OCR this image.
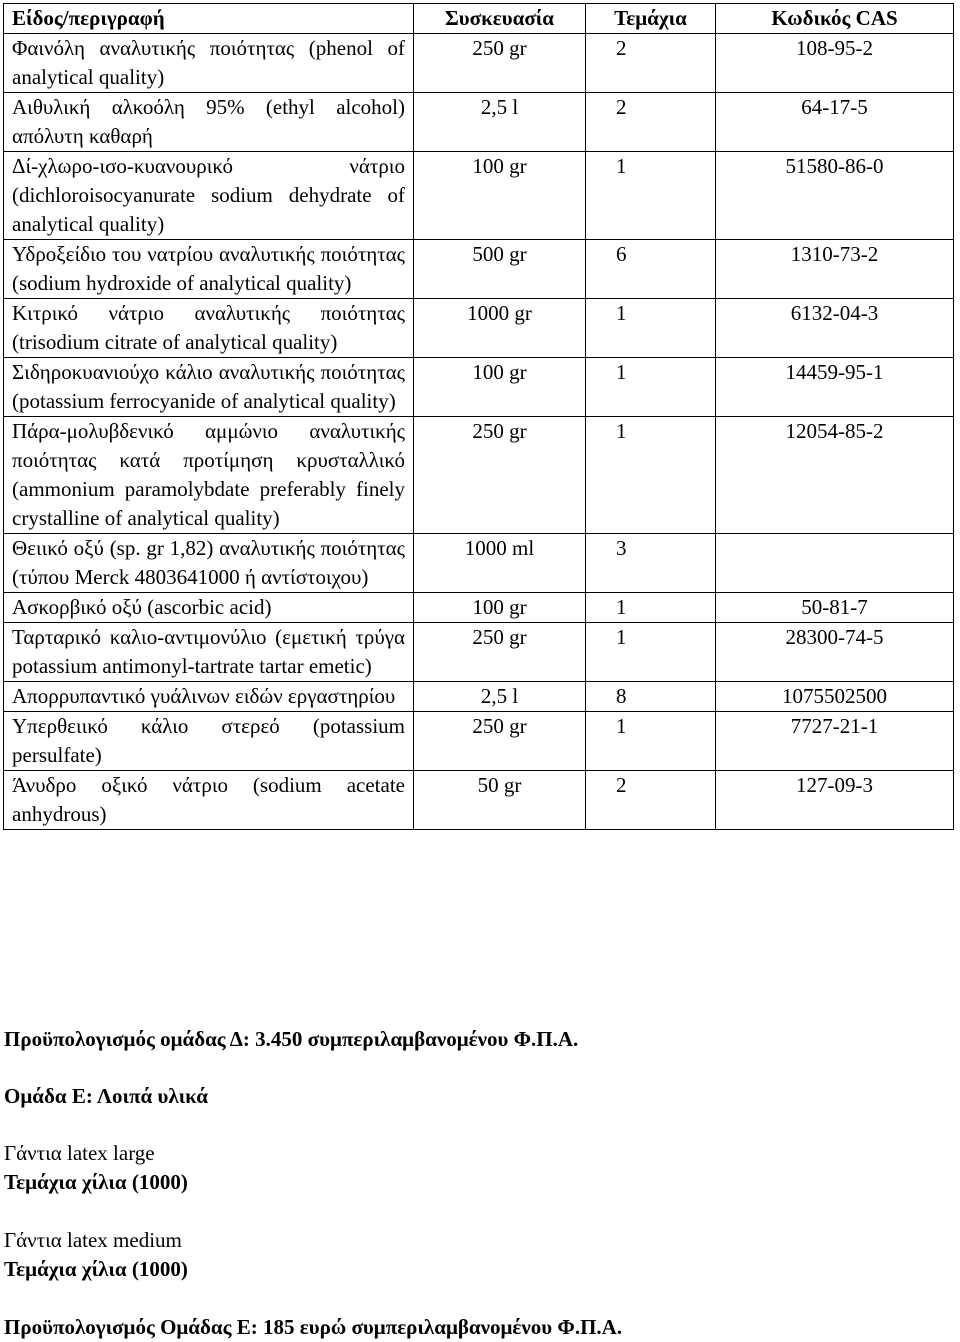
Είδος/περιγραφή	Συσκευασία	Τεμάχια	Κωδικός CAS
Φαινόλη αναλυτικής ποιότητας (phenol of analytical quality)	250 gr	2	108-95-2
Αιθυλική αλκοόλη 95% (ethyl alcohol) απόλυτη καθαρή	2,5 l	2	64-17-5
Δί-χλωρο-ισο-κυανουρικό νάτριο (dichloroisocyanurate sodium dehydrate of analytical quality)	100 gr	1	51580-86-0
Υδροξείδιο του νατρίου αναλυτικής ποιότητας (sodium hydroxide of analytical quality)	500 gr	6	1310-73-2
Κιτρικό νάτριο αναλυτικής ποιότητας (trisodium citrate of analytical quality)	1000 gr	1	6132-04-3
Σιδηροκυανιούχο κάλιο αναλυτικής ποιότητας (potassium ferrocyanide of analytical quality)	100 gr	1	14459-95-1
Πάρα-μολυβδενικό αμμώνιο αναλυτικής ποιότητας κατά προτίμηση κρυσταλλικό (ammonium paramolybdate preferably finely crystalline of analytical quality)	250 gr	1	12054-85-2
Θειικό οξύ (sp. gr 1,82) αναλυτικής ποιότητας (τύπου Merck 4803641000 ή αντίστοιχου)	1000 ml	3	
Ασκορβικό οξύ (ascorbic acid)	100 gr	1	50-81-7
Ταρταρικό καλιο-αντιμονύλιο (εμετική τρύγα potassium antimonyl-tartrate tartar emetic)	250 gr	1	28300-74-5
Απορρυπαντικό γυάλινων ειδών εργαστηρίου	2,5 l	8	1075502500
Υπερθειικό κάλιο στερεό (potassium persulfate)	250 gr	1	7727-21-1
Άνυδρο οξικό νάτριο (sodium acetate anhydrous)	50 gr	2	127-09-3
Προϋπολογισμός ομάδας Δ: 3.450 συμπεριλαμβανομένου Φ.Π.Α.
Ομάδα Ε: Λοιπά υλικά
Γάντια latex large
Τεμάχια χίλια (1000)
Γάντια latex medium
Τεμάχια χίλια (1000)
Προϋπολογισμός Ομάδας Ε: 185 ευρώ συμπεριλαμβανομένου Φ.Π.Α.
